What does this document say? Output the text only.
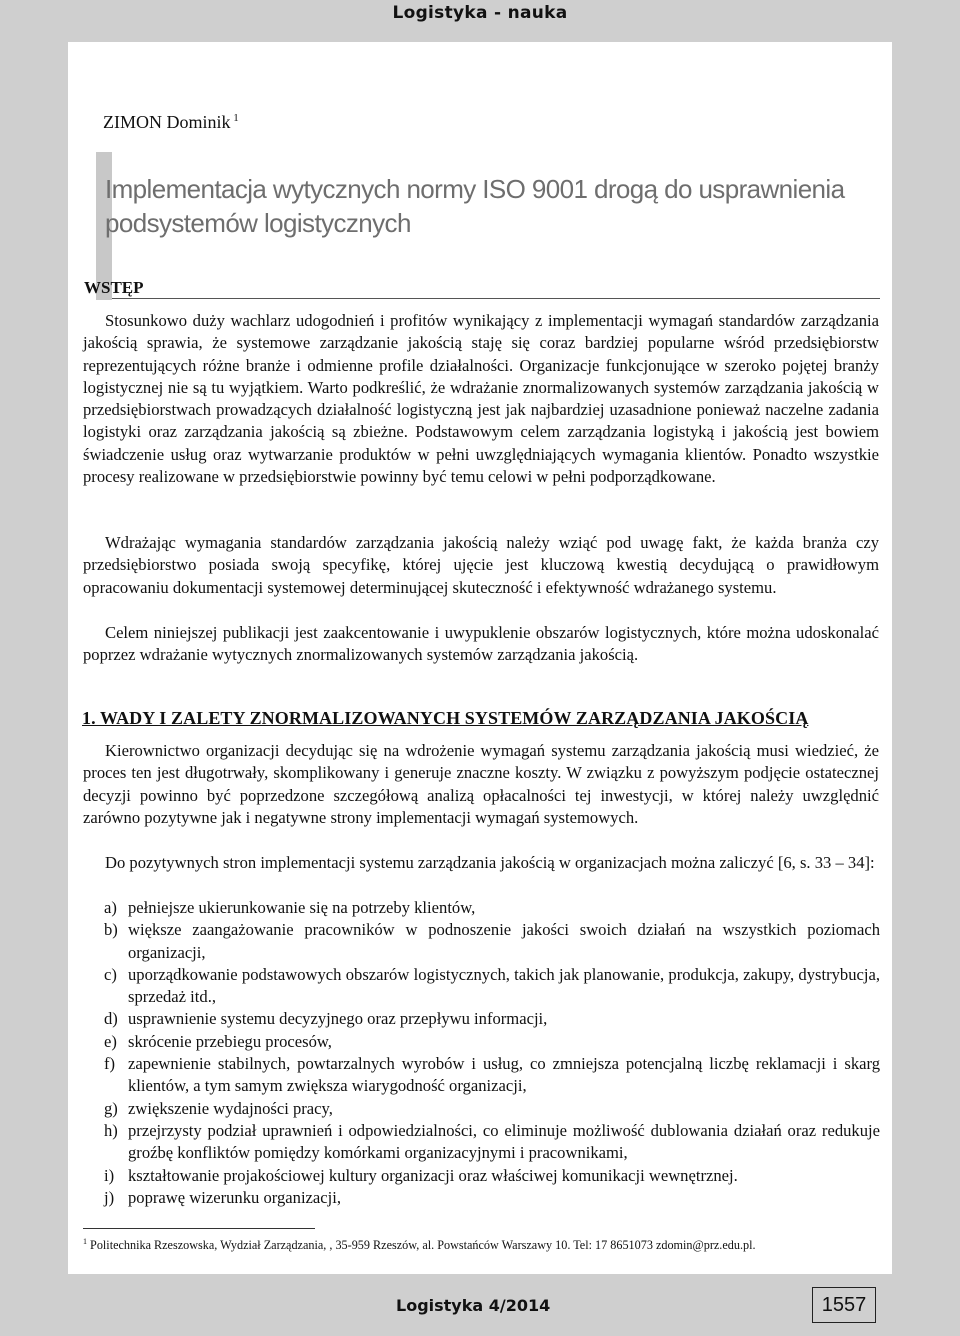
Logistyka - nauka
ZIMON Dominik $^1$
Implementacja wytycznych normy ISO 9001 drogą do usprawnienia
podsystemów logistycznych
WSTĘP
Stosunkowo duży wachlarz udogodnień i profitów wynikający z implementacji wymagań standardów zarządzania jakością sprawia, że systemowe zarządzanie jakością staję się coraz bardziej popularne wśród przedsiębiorstw reprezentujących różne branże i odmienne profile działalności. Organizacje funkcjonujące w szeroko pojętej branży logistycznej nie są tu wyjątkiem. Warto podkreślić, że wdrażanie znormalizowanych systemów zarządzania jakością w przedsiębiorstwach prowadzących działalność logistyczną jest jak najbardziej uzasadnione ponieważ naczelne zadania logistyki oraz zarządzania jakością są zbieżne. Podstawowym celem zarządzania logistyką i jakością jest bowiem świadczenie usług oraz wytwarzanie produktów w pełni uwzględniających wymagania klientów. Ponadto wszystkie procesy realizowane w przedsiębiorstwie powinny być temu celowi w pełni podporządkowane.
Wdrażając wymagania standardów zarządzania jakością należy wziąć pod uwagę fakt, że każda branża czy przedsiębiorstwo posiada swoją specyfikę, której ujęcie jest kluczową kwestią decydującą o prawidłowym opracowaniu dokumentacji systemowej determinującej skuteczność i efektywność wdrażanego systemu.
Celem niniejszej publikacji jest zaakcentowanie i uwypuklenie obszarów logistycznych, które można udoskonalać poprzez wdrażanie wytycznych znormalizowanych systemów zarządzania jakością.
1. WADY I ZALETY ZNORMALIZOWANYCH SYSTEMÓW ZARZĄDZANIA JAKOŚCIĄ
Kierownictwo organizacji decydując się na wdrożenie wymagań systemu zarządzania jakością musi wiedzieć, że proces ten jest długotrwały, skomplikowany i generuje znaczne koszty. W związku z powyższym podjęcie ostatecznej decyzji powinno być poprzedzone szczegółową analizą opłacalności tej inwestycji, w której należy uwzględnić zarówno pozytywne jak i negatywne strony implementacji wymagań systemowych.
Do pozytywnych stron implementacji systemu zarządzania jakością w organizacjach można zaliczyć [6, s. 33 – 34]:
a) pełniejsze ukierunkowanie się na potrzeby klientów,
b) większe zaangażowanie pracowników w podnoszenie jakości swoich działań na wszystkich poziomach organizacji,
c) uporządkowanie podstawowych obszarów logistycznych, takich jak planowanie, produkcja, zakupy, dystrybucja, sprzedaż itd.,
d) usprawnienie systemu decyzyjnego oraz przepływu informacji,
e) skrócenie przebiegu procesów,
f) zapewnienie stabilnych, powtarzalnych wyrobów i usług, co zmniejsza potencjalną liczbę reklamacji i skarg klientów, a tym samym zwiększa wiarygodność organizacji,
g) zwiększenie wydajności pracy,
h) przejrzysty podział uprawnień i odpowiedzialności, co eliminuje możliwość dublowania działań oraz redukuje groźbę konfliktów pomiędzy komórkami organizacyjnymi i pracownikami,
i) kształtowanie projakościowej kultury organizacji oraz właściwej komunikacji wewnętrznej.
j) poprawę wizerunku organizacji,
$^1$ Politechnika Rzeszowska, Wydział Zarządzania, , 35-959 Rzeszów, al. Powstańców Warszawy 10. Tel: 17 8651073 zdomin@prz.edu.pl.
Logistyka 4/2014	1557
